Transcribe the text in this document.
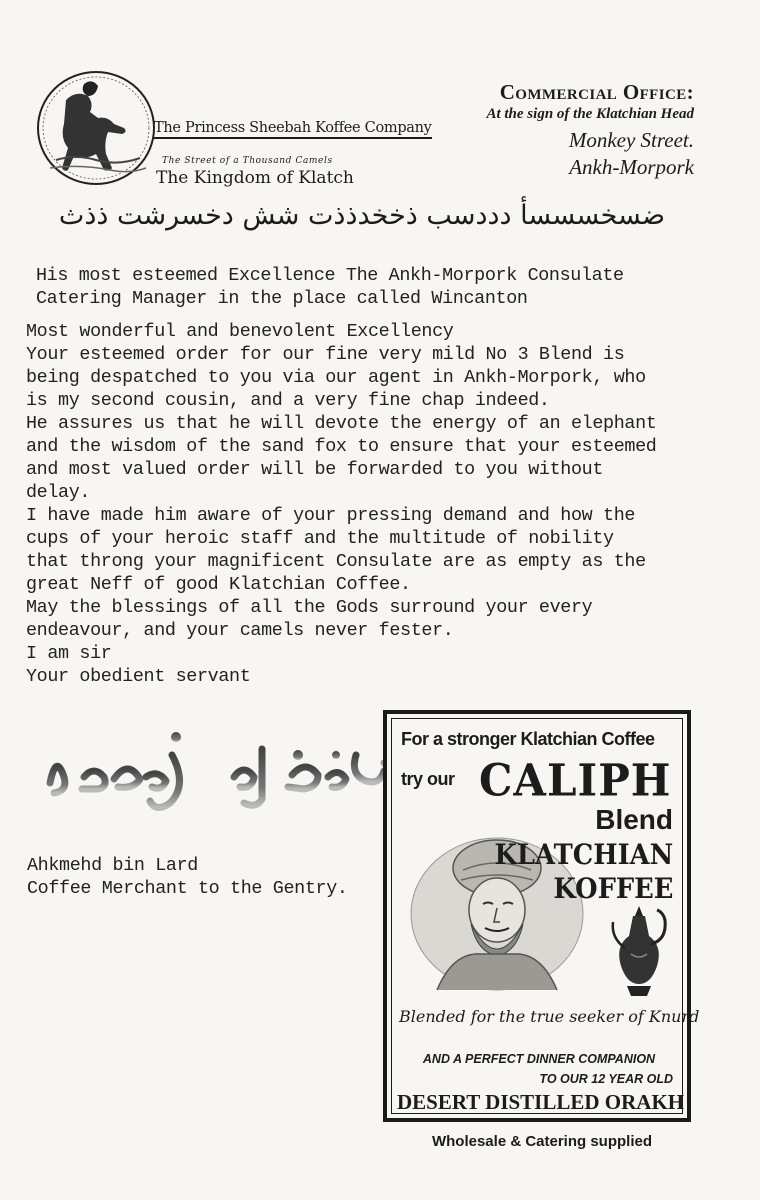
The Princess Sheebah Koffee Company
The Street of a Thousand Camels
The Kingdom of Klatch
Commercial Office:
At the sign of the Klatchian Head
Monkey Street.
Ankh-Morpork
ضسخسسسأ دددسب ذخخدذذت شش دخسرشت ذذث
His most esteemed Excellence The Ankh-Morpork Consulate
Catering Manager in the place called Wincanton
Most wonderful and benevolent Excellency
Your esteemed order for our fine very mild No 3 Blend is
being despatched to you via our agent in Ankh-Morpork, who
is my second cousin, and a very fine chap indeed.
He assures us that he will devote the energy of an elephant
and the wisdom of the sand fox to ensure that your esteemed
and most valued order will be forwarded to you without
delay.
I have made him aware of your pressing demand and how the
cups of your heroic staff and the multitude of nobility
that throng your magnificent Consulate are as empty as the
great Neff of good Klatchian Coffee.
May the blessings of all the Gods surround your every
endeavour, and your camels never fester.
I am sir
Your obedient servant
Ahkmehd bin Lard
Coffee Merchant to the Gentry.
For a stronger Klatchian Coffee
try our CALIPH
Blend
KLATCHIAN
KOFFEE
Blended for the true seeker of Knurd
AND A PERFECT DINNER COMPANION
TO OUR 12 YEAR OLD
DESERT DISTILLED ORAKH
Wholesale & Catering supplied
